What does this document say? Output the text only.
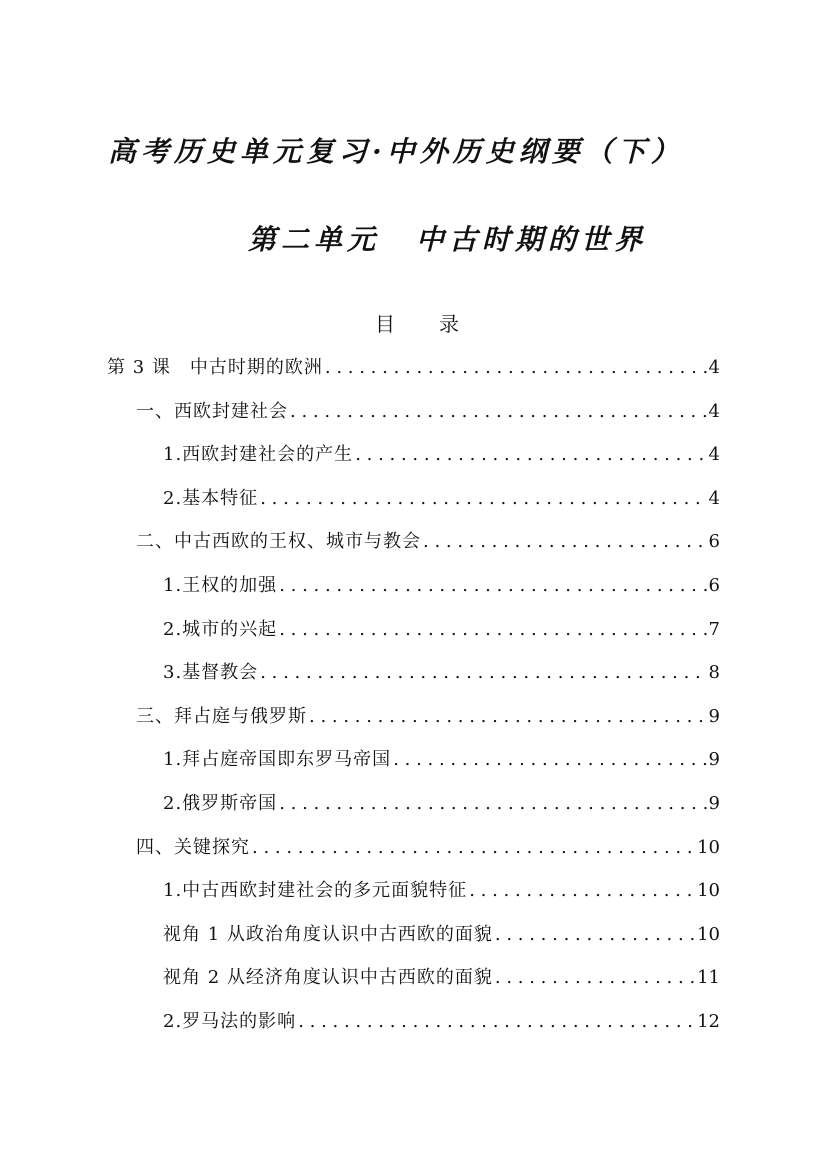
高考历史单元复习·中外历史纲要（下）
第二单元 中古时期的世界
目录
第 3 课　中古时期的欧洲 . . .	4
一、西欧封建社会 . . .	4
1.西欧封建社会的产生 . . .	4
2.基本特征 . . .	4
二、中古西欧的王权、城市与教会 . . .	6
1.王权的加强 . . .	6
2.城市的兴起 . . .	7
3.基督教会 . . .	8
三、拜占庭与俄罗斯 . . .	9
1.拜占庭帝国即东罗马帝国 . . .	9
2.俄罗斯帝国 . . .	9
四、关键探究 . . .	10
1.中古西欧封建社会的多元面貌特征 . . .	10
视角 1 从政治角度认识中古西欧的面貌 . . .	10
视角 2 从经济角度认识中古西欧的面貌 . . .	11
2.罗马法的影响 . . .	12
